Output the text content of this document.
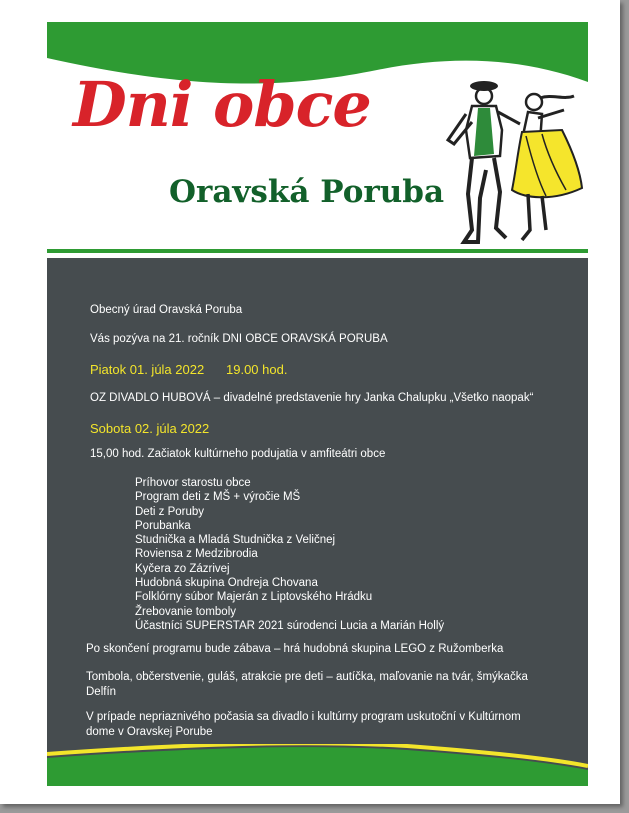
Dni obce
Oravská Poruba

Obecný úrad Oravská Poruba

Vás pozýva na 21. ročník DNI OBCE ORAVSKÁ PORUBA

Piatok 01. júla 2022 19.00 hod.

OZ DIVADLO HUBOVÁ – divadelné predstavenie hry Janka Chalupku „Všetko naopak“

Sobota 02. júla 2022

15,00 hod. Začiatok kultúrneho podujatia v amfiteátri obce

Príhovor starostu obce
Program deti z MŠ + výročie MŠ
Deti z Poruby
Porubanka
Studnička a Mladá Studnička z Veličnej
Roviensa z Medzibrodia
Kyčera zo Zázrivej
Hudobná skupina Ondreja Chovana
Folklórny súbor Majerán z Liptovského Hrádku
Žrebovanie tomboly
Účastníci SUPERSTAR 2021 súrodenci Lucia a Marián Hollý

Po skončení programu bude zábava – hrá hudobná skupina LEGO z Ružomberka

Tombola, občerstvenie, guláš, atrakcie pre deti – autíčka, maľovanie na tvár, šmýkačka

Delfín

V prípade nepriaznivého počasia sa divadlo i kultúrny program uskutoční v Kultúrnom

dome v Oravskej Porube
